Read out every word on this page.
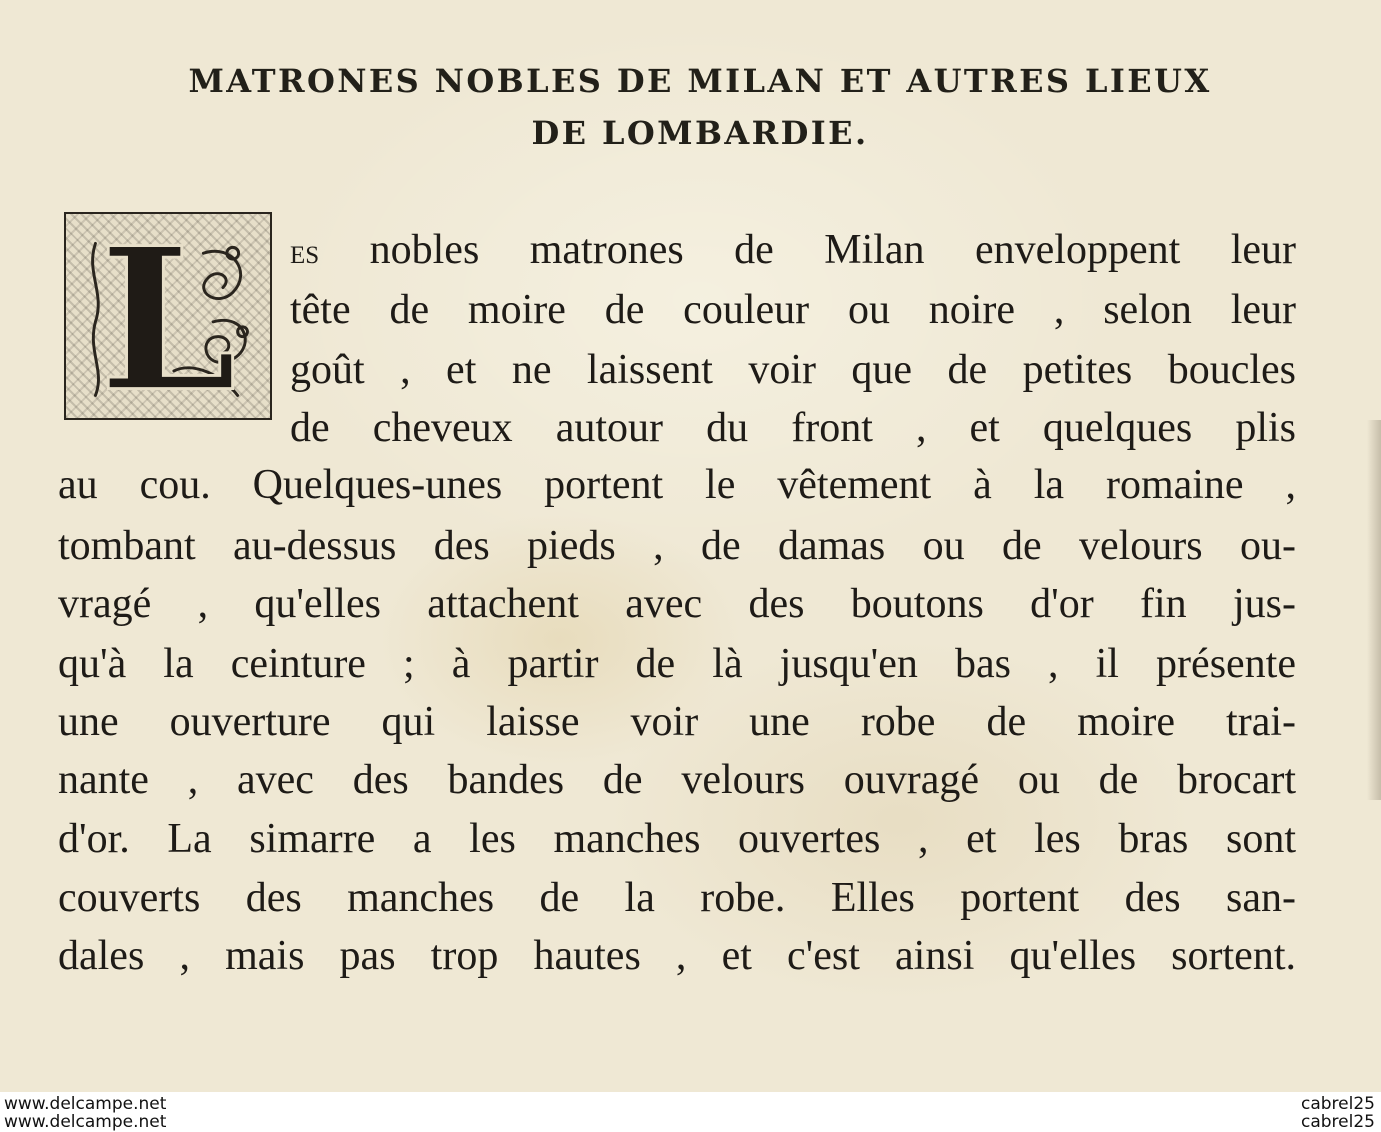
MATRONES NOBLES DE MILAN ET AUTRES LIEUX
DE LOMBARDIE.
L es nobles matrones de Milan enveloppent leur

tête de moire de couleur ou noire , selon leur

goût , et ne laissent voir que de petites boucles

de cheveux autour du front , et quelques plis

au cou. Quelques-unes portent le vêtement à la romaine ,

tombant au-dessus des pieds , de damas ou de velours ou-

vragé , qu'elles attachent avec des boutons d'or fin jus-

qu'à la ceinture ; à partir de là jusqu'en bas , il présente

une ouverture qui laisse voir une robe de moire trai-

nante , avec des bandes de velours ouvragé ou de brocart

d'or. La simarre a les manches ouvertes , et les bras sont

couverts des manches de la robe. Elles portent des san-

dales , mais pas trop hautes , et c'est ainsi qu'elles sortent.

www.delcampe.net
www.delcampe.net
cabrel25
cabrel25
